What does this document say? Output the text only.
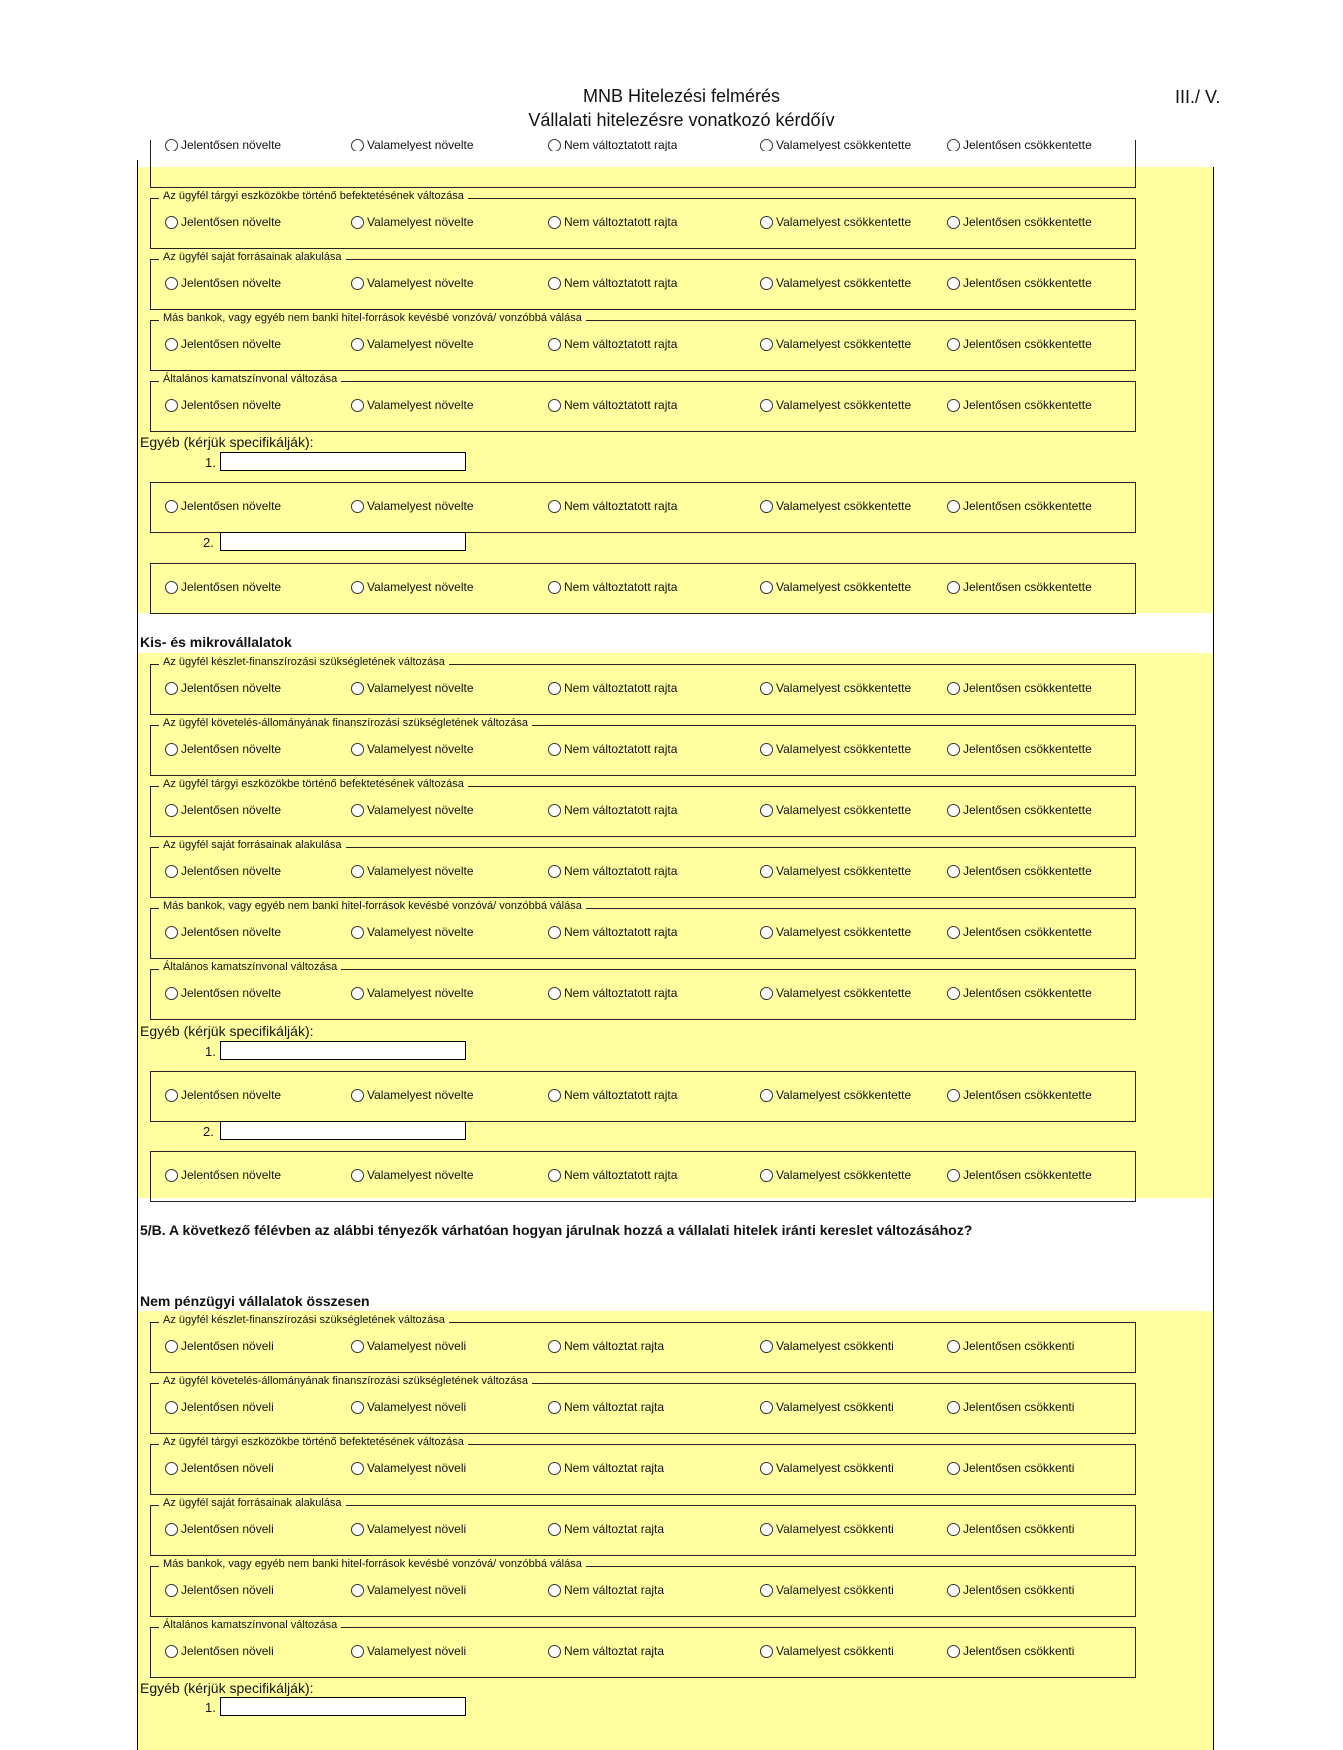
MNB Hitelezési felmérés
Vállalati hitelezésre vonatkozó kérdőív
III./ V.
Jelentősen növelte	Valamelyest növelte	Nem változtatott rajta	Valamelyest csökkentette	Jelentősen csökkentette
Az ügyfél tárgyi eszközökbe történő befektetésének változása
Jelentősen növelte	Valamelyest növelte	Nem változtatott rajta	Valamelyest csökkentette	Jelentősen csökkentette
Az ügyfél saját forrásainak alakulása
Jelentősen növelte	Valamelyest növelte	Nem változtatott rajta	Valamelyest csökkentette	Jelentősen csökkentette
Más bankok, vagy egyéb nem banki hitel-források kevésbé vonzóvá/ vonzóbbá válása
Jelentősen növelte	Valamelyest növelte	Nem változtatott rajta	Valamelyest csökkentette	Jelentősen csökkentette
Általános kamatszínvonal változása
Jelentősen növelte	Valamelyest növelte	Nem változtatott rajta	Valamelyest csökkentette	Jelentősen csökkentette
Egyéb (kérjük specifikálják):
1.
Jelentősen növelte	Valamelyest növelte	Nem változtatott rajta	Valamelyest csökkentette	Jelentősen csökkentette
2.
Jelentősen növelte	Valamelyest növelte	Nem változtatott rajta	Valamelyest csökkentette	Jelentősen csökkentette
Kis- és mikrovállalatok
Az ügyfél készlet-finanszírozási szükségletének változása
Jelentősen növelte	Valamelyest növelte	Nem változtatott rajta	Valamelyest csökkentette	Jelentősen csökkentette
Az ügyfél követelés-állományának finanszírozási szükségletének változása
Jelentősen növelte	Valamelyest növelte	Nem változtatott rajta	Valamelyest csökkentette	Jelentősen csökkentette
Az ügyfél tárgyi eszközökbe történő befektetésének változása
Jelentősen növelte	Valamelyest növelte	Nem változtatott rajta	Valamelyest csökkentette	Jelentősen csökkentette
Az ügyfél saját forrásainak alakulása
Jelentősen növelte	Valamelyest növelte	Nem változtatott rajta	Valamelyest csökkentette	Jelentősen csökkentette
Más bankok, vagy egyéb nem banki hitel-források kevésbé vonzóvá/ vonzóbbá válása
Jelentősen növelte	Valamelyest növelte	Nem változtatott rajta	Valamelyest csökkentette	Jelentősen csökkentette
Általános kamatszínvonal változása
Jelentősen növelte	Valamelyest növelte	Nem változtatott rajta	Valamelyest csökkentette	Jelentősen csökkentette
Egyéb (kérjük specifikálják):
1.
Jelentősen növelte	Valamelyest növelte	Nem változtatott rajta	Valamelyest csökkentette	Jelentősen csökkentette
2.
Jelentősen növelte	Valamelyest növelte	Nem változtatott rajta	Valamelyest csökkentette	Jelentősen csökkentette
5/B. A következő félévben az alábbi tényezők várhatóan hogyan járulnak hozzá a vállalati hitelek iránti kereslet változásához?
Nem pénzügyi vállalatok összesen
Az ügyfél készlet-finanszírozási szükségletének változása
Jelentősen növeli	Valamelyest növeli	Nem változtat rajta	Valamelyest csökkenti	Jelentősen csökkenti
Az ügyfél követelés-állományának finanszírozási szükségletének változása
Jelentősen növeli	Valamelyest növeli	Nem változtat rajta	Valamelyest csökkenti	Jelentősen csökkenti
Az ügyfél tárgyi eszközökbe történő befektetésének változása
Jelentősen növeli	Valamelyest növeli	Nem változtat rajta	Valamelyest csökkenti	Jelentősen csökkenti
Az ügyfél saját forrásainak alakulása
Jelentősen növeli	Valamelyest növeli	Nem változtat rajta	Valamelyest csökkenti	Jelentősen csökkenti
Más bankok, vagy egyéb nem banki hitel-források kevésbé vonzóvá/ vonzóbbá válása
Jelentősen növeli	Valamelyest növeli	Nem változtat rajta	Valamelyest csökkenti	Jelentősen csökkenti
Általános kamatszínvonal változása
Jelentősen növeli	Valamelyest növeli	Nem változtat rajta	Valamelyest csökkenti	Jelentősen csökkenti
Egyéb (kérjük specifikálják):
1.
